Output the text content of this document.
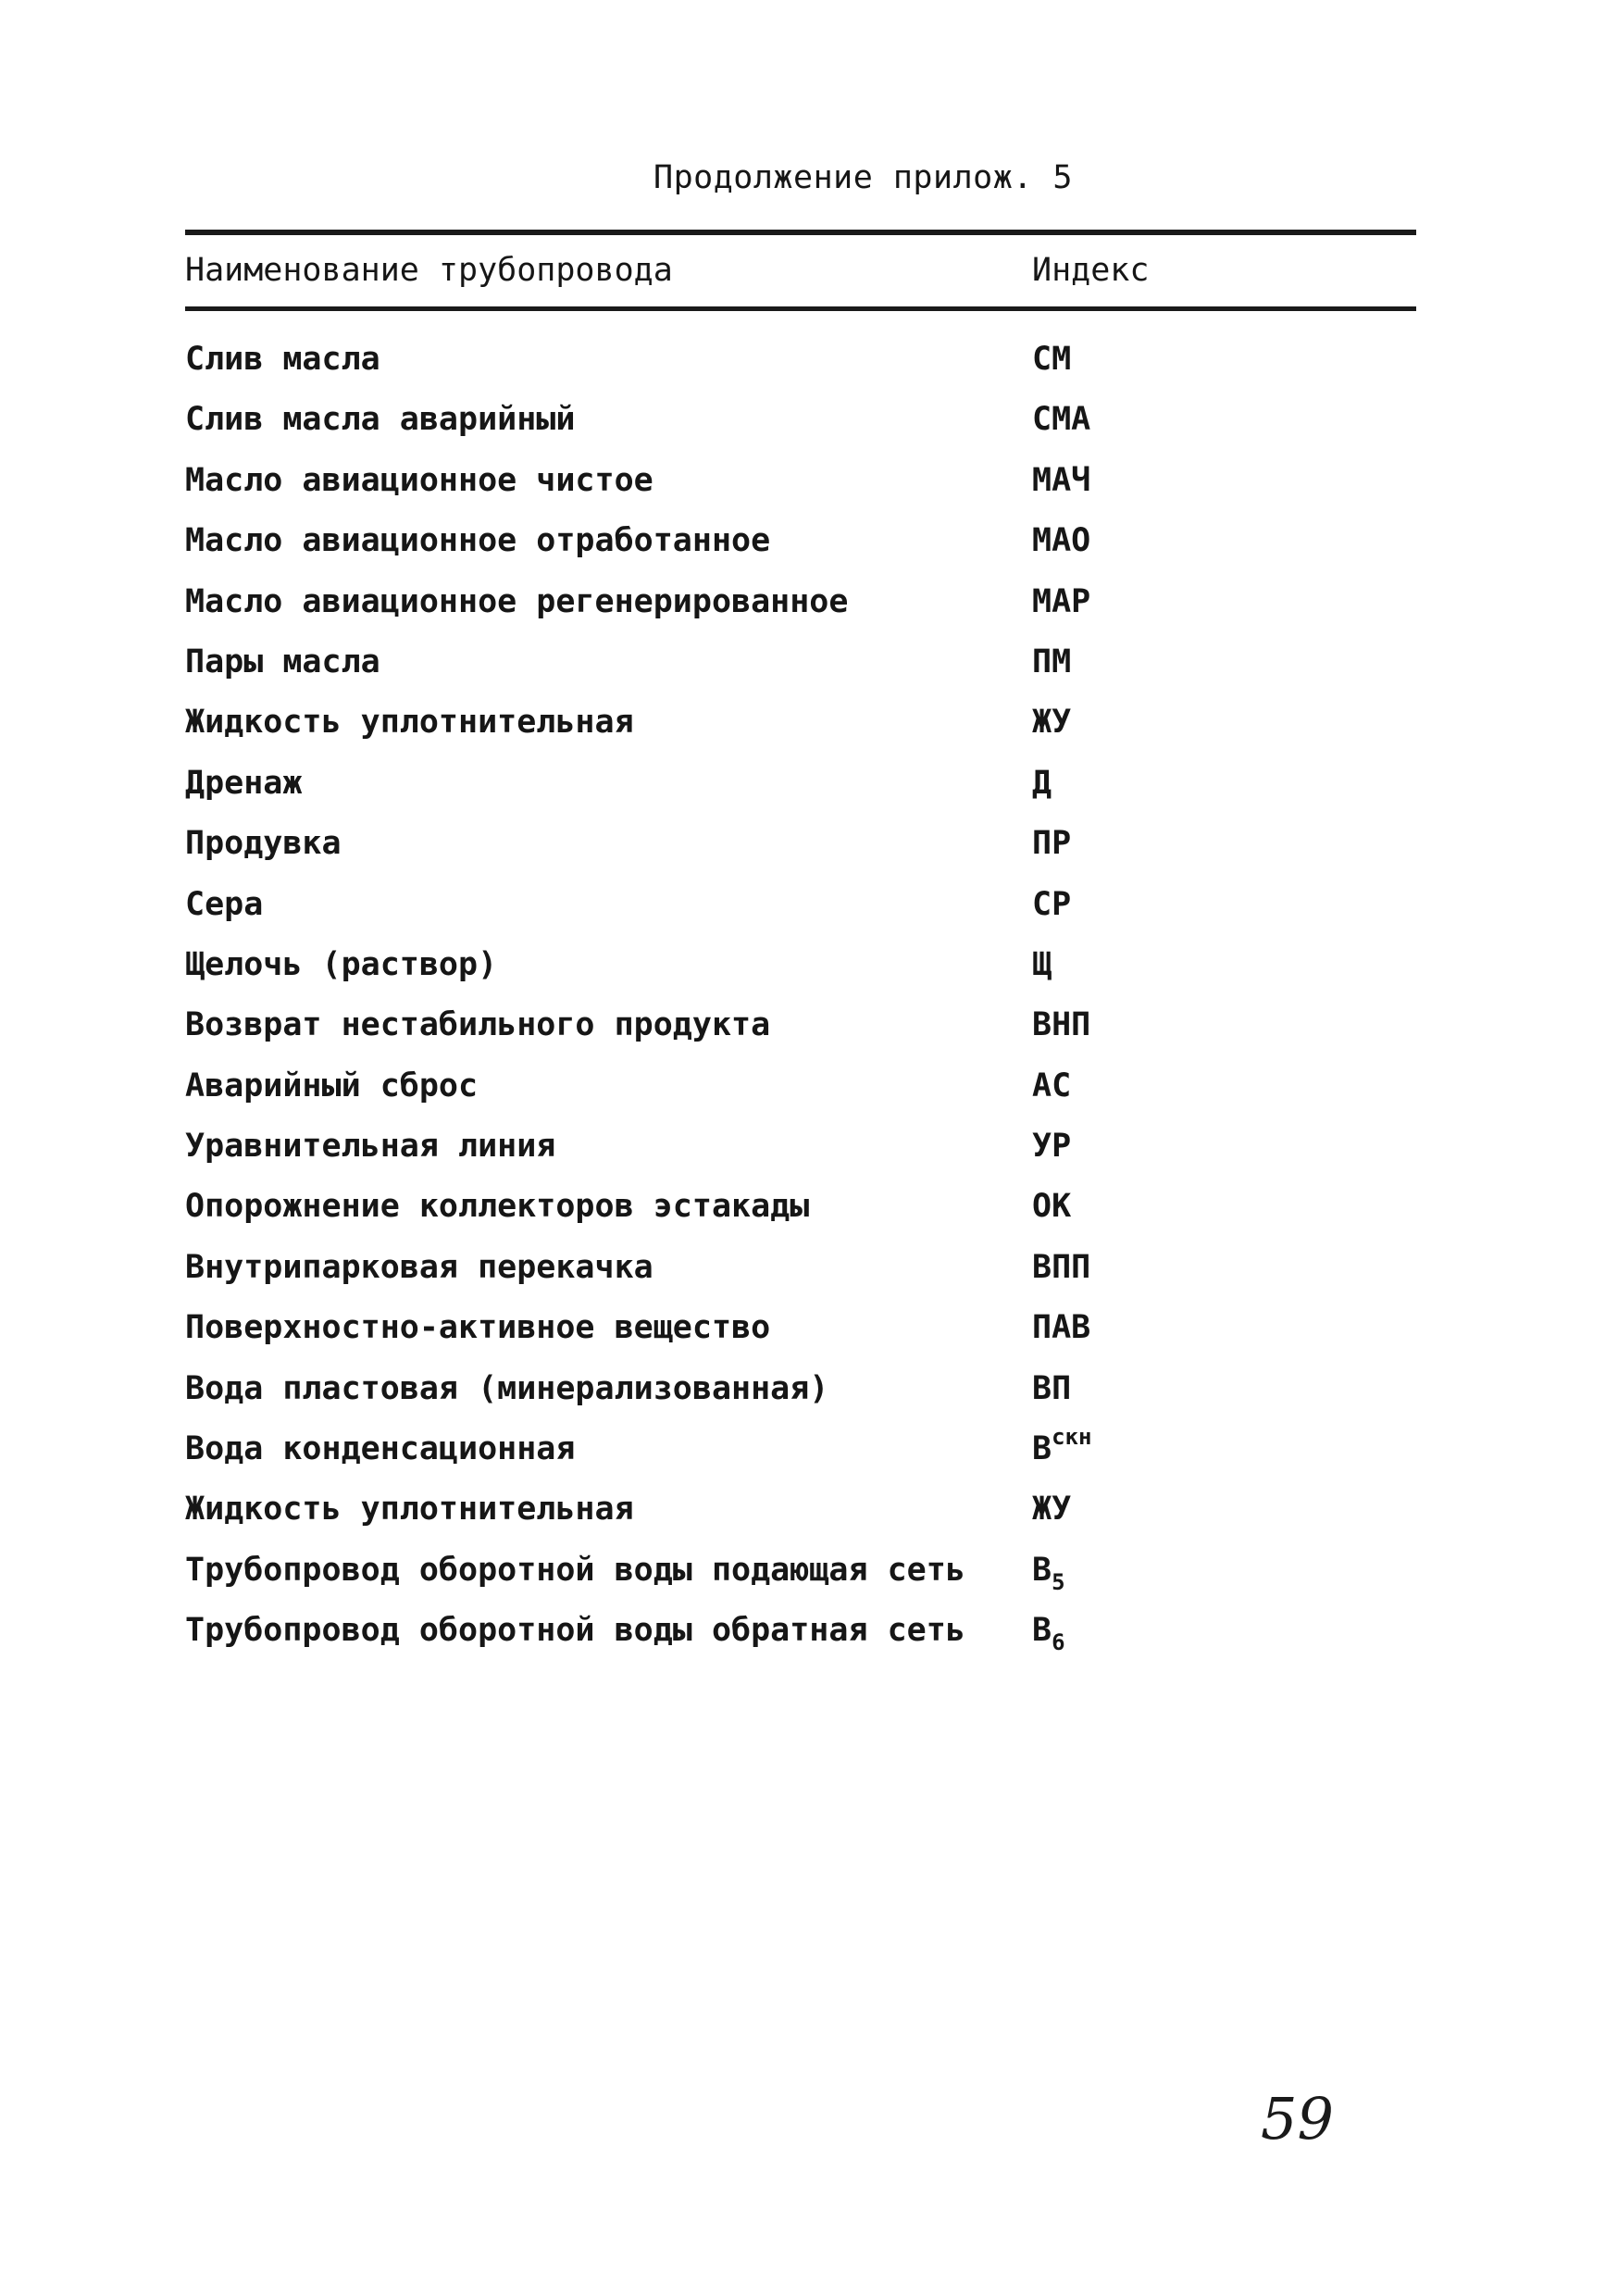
Продолжение прилож. 5
Наименование трубопровода	Индекс
Слив масла	СМ
Слив масла аварийный	СМА
Масло авиационное чистое	МАЧ
Масло авиационное отработанное	МАО
Масло авиационное регенерированное	МАР
Пары масла	ПМ
Жидкость уплотнительная	ЖУ
Дренаж	Д
Продувка	ПР
Сера	СР
Щелочь (раствор)	Щ
Возврат нестабильного продукта	ВНП
Аварийный сброс	АС
Уравнительная линия	УР
Опорожнение коллекторов эстакады	ОК
Внутрипарковая перекачка	ВПП
Поверхностно-активное вещество	ПАВ
Вода пластовая (минерализованная)	ВП
Вода конденсационная	$В^{скн}$
Жидкость уплотнительная	ЖУ
Трубопровод оборотной воды подающая сеть $В_5$
Трубопровод оборотной воды обратная сеть $В_6$
59
